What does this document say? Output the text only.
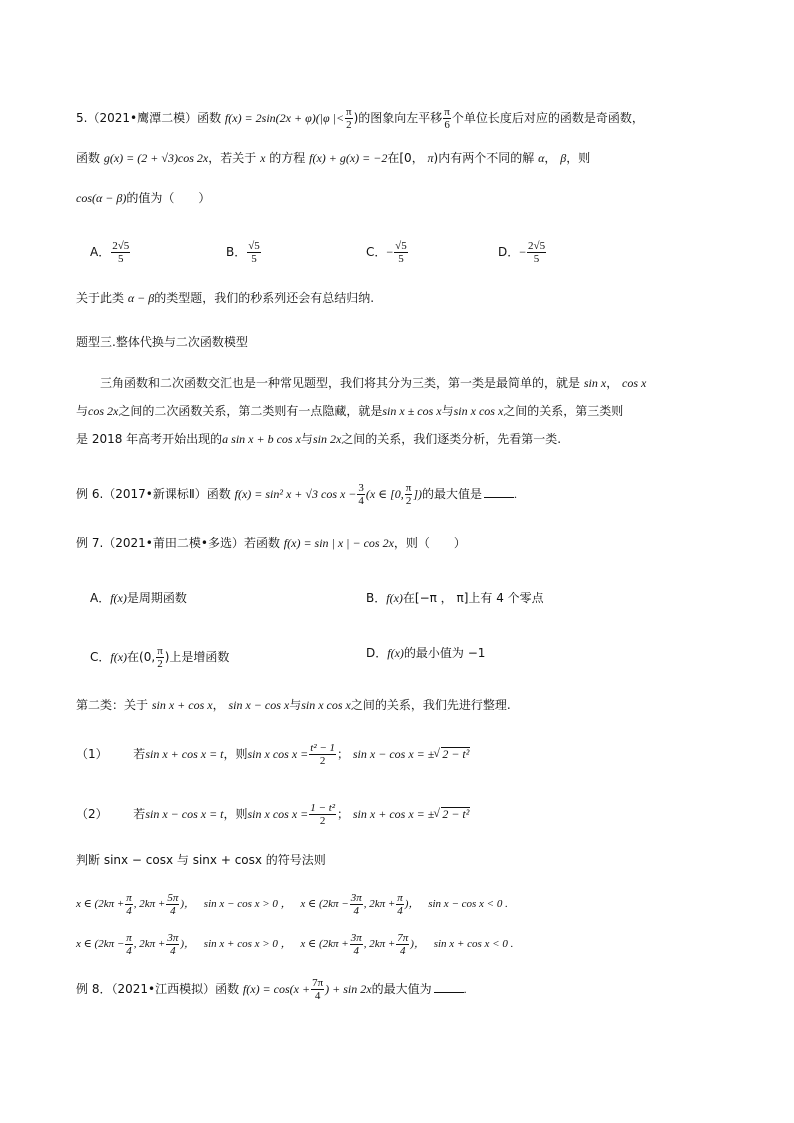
5.（2021•鹰潭二模）函数 f(x) = 2sin(2x + φ)(|φ |< $\frac{\pi}{2}$ )的图象向左平移 $\frac{\pi}{6}$ 个单位长度后对应的函数是奇函数，
函数 g(x) = (2 + √3)cos 2x，若关于 x 的方程 f(x) + g(x) = −2在[0， π)内有两个不同的解 α， β，则
cos(α − β)的值为（　　）
A． $\frac{2√5}{5}$	B． $\frac{√5}{5}$	C．− $\frac{√5}{5}$	D．− $\frac{2√5}{5}$
关于此类 α − β的类型题，我们的秒系列还会有总结归纳.
题型三.整体代换与二次函数模型
三角函数和二次函数交汇也是一种常见题型，我们将其分为三类，第一类是最简单的，就是 sin x， cos x
与cos 2x之间的二次函数关系，第二类则有一点隐藏，就是sin x ± cos x与sin x cos x之间的关系，第三类则
是 2018 年高考开始出现的a sin x + b cos x与sin 2x之间的关系，我们逐类分析，先看第一类.
例 6.（2017•新课标Ⅱ）函数 f(x) = sin² x + √3 $\cos x - \frac{3}{4} (x$ ∈ [0, $\frac{\pi}{2}$ ])的最大值是	.
例 7.（2021•莆田二模•多选）若函数 f(x) = sin | x | − cos 2x，则（　　）
A．f(x)是周期函数	B．f(x)在[−π ， π]上有 4 个零点
C．f(x)在(0, $\frac{\pi}{2}$ )上是增函数	D．f(x)的最小值为 −1
第二类：关于 sin x + cos x， sin x − cos x与sin x cos x之间的关系，我们先进行整理.
（1） 若sin x + cos x = t，则sin x $\cos x = \frac{\text{t² − 1}}{2}$ ； sin x − cos x = ± √ 2 − t²
（2） 若sin x − cos x = t，则sin x $\cos x = \frac{\text{1 − t²}}{2}$ ； sin x + cos x = ± √ 2 − t²
判断 sinx − cosx 与 sinx + cosx 的符号法则
x ∈ ($2k\pi + \frac{\pi}{4}$ , $2k\pi + \frac{5\pi}{4}$ )， sin x − cos x > 0 ， x ∈ ($2k\pi - \frac{3\pi}{4}$ , $2k\pi + \frac{\pi}{4}$ )， sin x − cos x < 0 .
x ∈ ($2k\pi - \frac{\pi}{4}$ , $2k\pi + \frac{3\pi}{4}$ )， sin x + cos x > 0 ， x ∈ ($2k\pi + \frac{3\pi}{4}$ , $2k\pi + \frac{7\pi}{4}$ )， sin x + cos x < 0 .
例 8．（2021•江西模拟）函数 $f(x) = \cos(x + \frac{7\pi}{4}$ ) + sin 2x的最大值为	.
